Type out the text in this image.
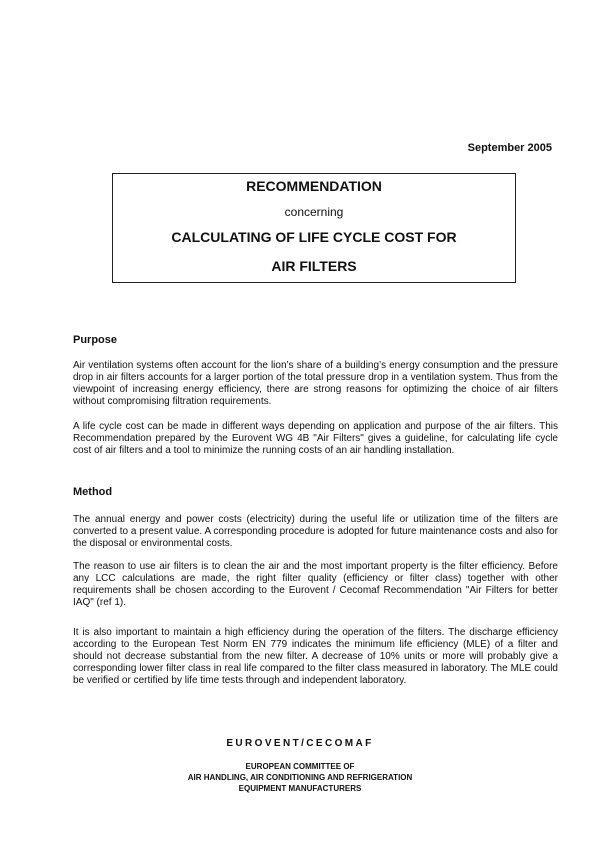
September 2005
RECOMMENDATION
concerning
CALCULATING OF LIFE CYCLE COST FOR
AIR FILTERS
Purpose
Air ventilation systems often account for the lion’s share of a building’s energy consumption and the pressure drop in air filters accounts for a larger portion of the total pressure drop in a ventilation system. Thus from the viewpoint of increasing energy efficiency, there are strong reasons for optimizing the choice of air filters without compromising filtration requirements.
A life cycle cost can be made in different ways depending on application and purpose of the air filters. This Recommendation prepared by the Eurovent WG 4B "Air Filters" gives a guideline, for calculating life cycle cost of air filters and a tool to minimize the running costs of an air handling installation.
Method
The annual energy and power costs (electricity) during the useful life or utilization time of the filters are converted to a present value. A corresponding procedure is adopted for future maintenance costs and also for the disposal or environmental costs.
The reason to use air filters is to clean the air and the most important property is the filter efficiency. Before any LCC calculations are made, the right filter quality (efficiency or filter class) together with other requirements shall be chosen according to the Eurovent / Cecomaf Recommendation "Air Filters for better IAQ" (ref 1).
It is also important to maintain a high efficiency during the operation of the filters. The discharge efficiency according to the European Test Norm EN 779 indicates the minimum life efficiency (MLE) of a filter and should not decrease substantial from the new filter. A decrease of 10% units or more will probably give a corresponding lower filter class in real life compared to the filter class measured in laboratory. The MLE could be verified or certified by life time tests through and independent laboratory.
EUROVENT/CECOMAF
EUROPEAN COMMITTEE OF
AIR HANDLING, AIR CONDITIONING AND REFRIGERATION
EQUIPMENT MANUFACTURERS
